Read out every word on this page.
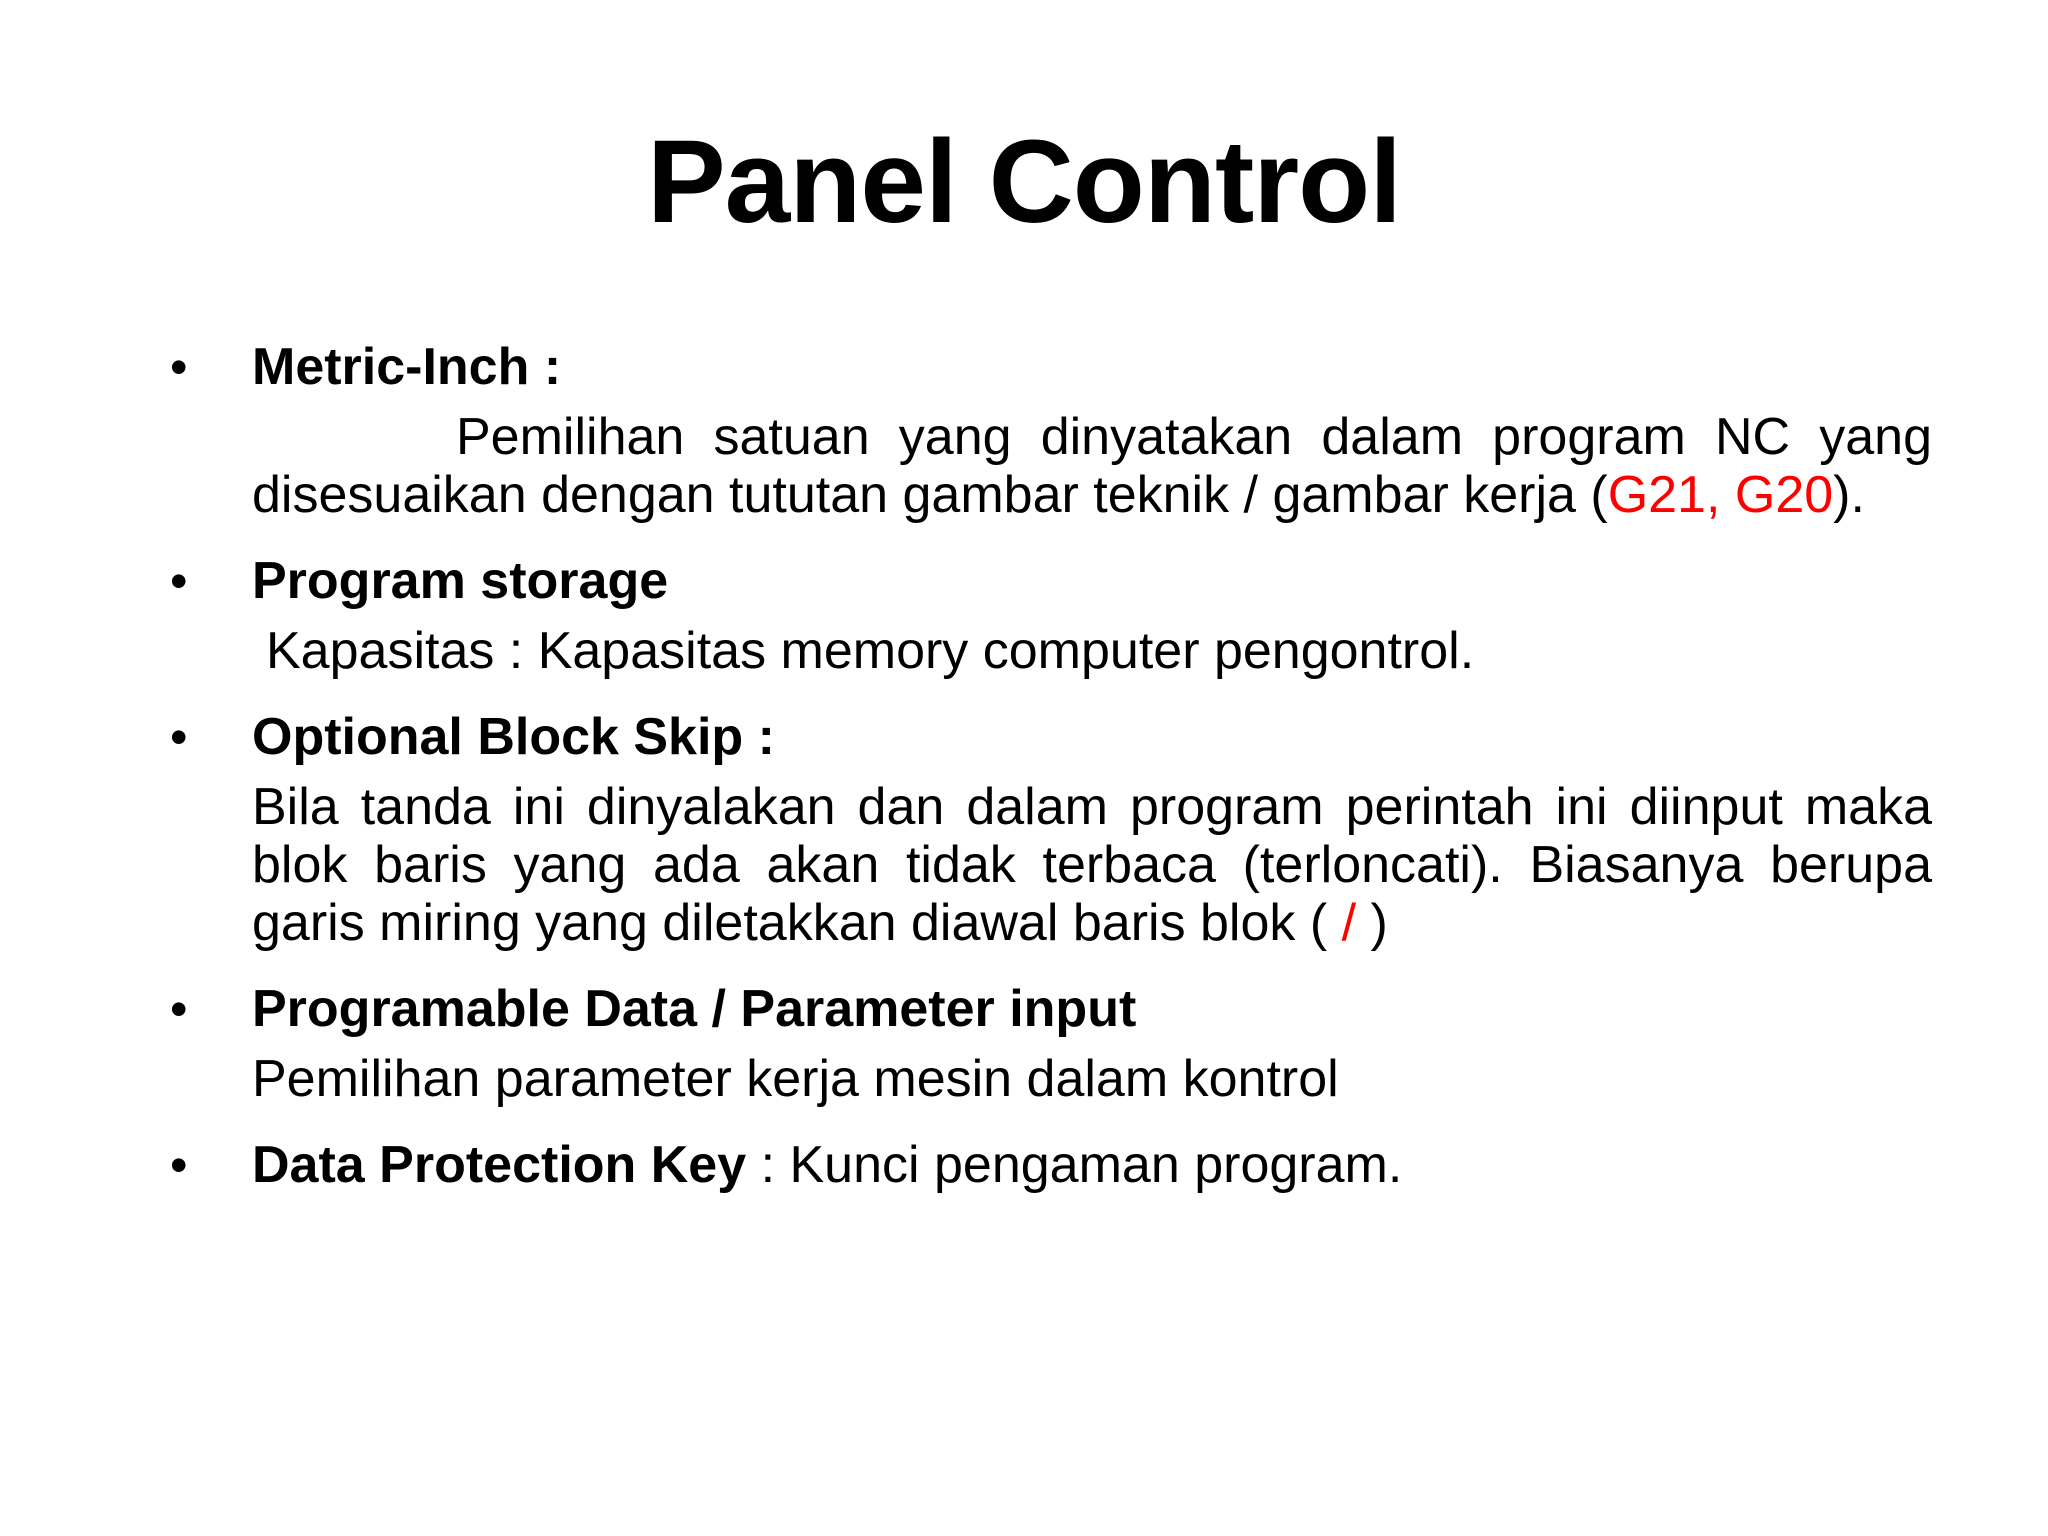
Panel Control
• Metric-Inch :
Pemilihan satuan yang dinyatakan dalam program NC yang disesuaikan dengan tututan gambar teknik / gambar kerja (G21, G20).
• Program storage
Kapasitas : Kapasitas memory computer pengontrol.
• Optional Block Skip :
Bila tanda ini dinyalakan dan dalam program perintah ini diinput maka blok baris yang ada akan tidak terbaca (terloncati). Biasanya berupa garis miring yang diletakkan diawal baris blok ( / )
• Programable Data / Parameter input
Pemilihan parameter kerja mesin dalam kontrol
• Data Protection Key : Kunci pengaman program.
